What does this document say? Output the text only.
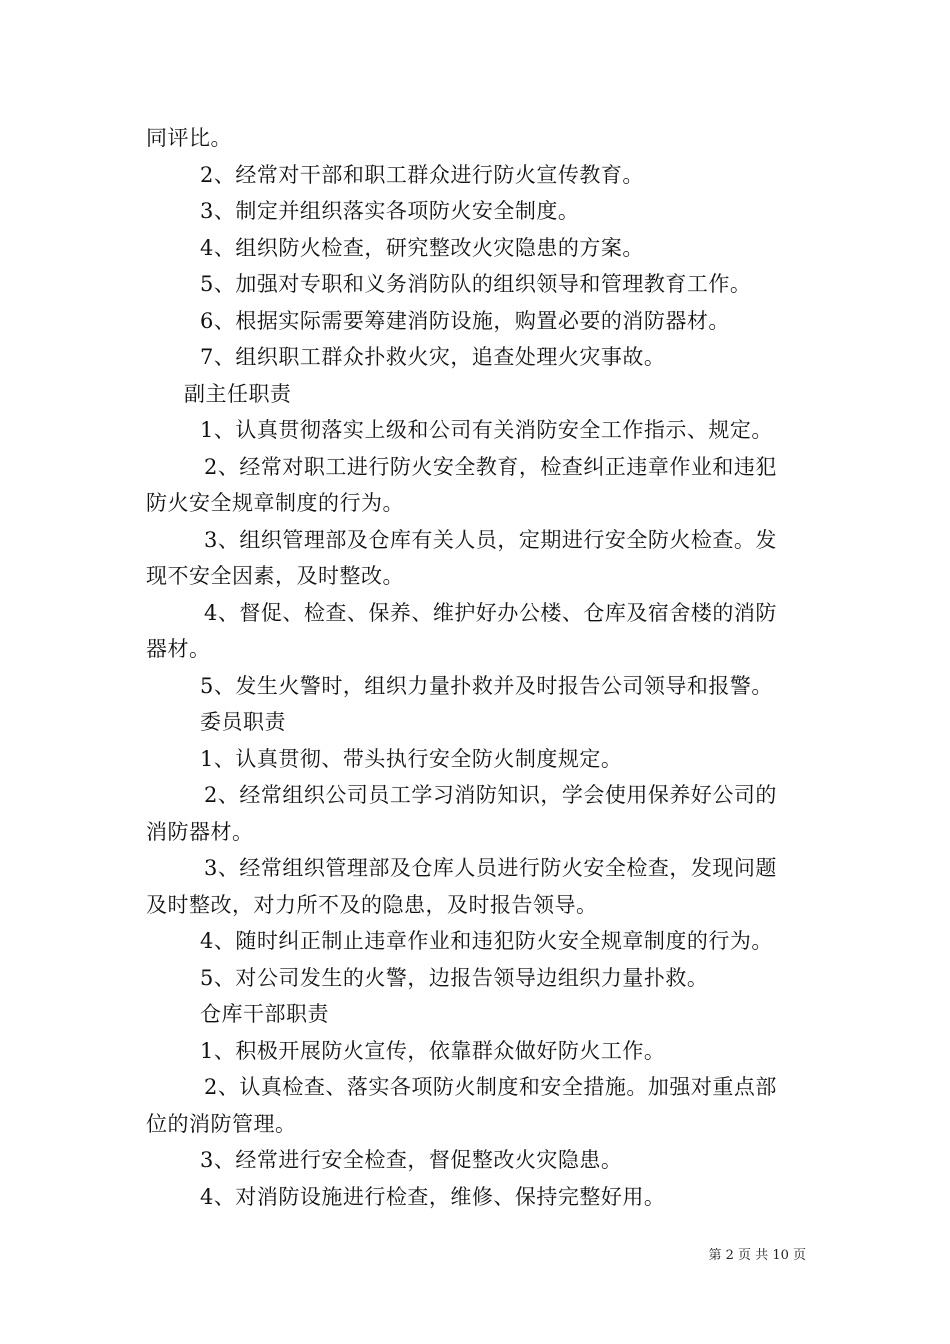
同评比。
2、经常对干部和职工群众进行防火宣传教育。
3、制定并组织落实各项防火安全制度。
4、组织防火检查，研究整改火灾隐患的方案。
5、加强对专职和义务消防队的组织领导和管理教育工作。
6、根据实际需要筹建消防设施，购置必要的消防器材。
7、组织职工群众扑救火灾，追查处理火灾事故。
副主任职责
1、认真贯彻落实上级和公司有关消防安全工作指示、规定。
2、经常对职工进行防火安全教育，检查纠正违章作业和违犯
防火安全规章制度的行为。
3、组织管理部及仓库有关人员，定期进行安全防火检查。发
现不安全因素，及时整改。
4、督促、检查、保养、维护好办公楼、仓库及宿舍楼的消防
器材。
5、发生火警时，组织力量扑救并及时报告公司领导和报警。
委员职责
1、认真贯彻、带头执行安全防火制度规定。
2、经常组织公司员工学习消防知识，学会使用保养好公司的
消防器材。
3、经常组织管理部及仓库人员进行防火安全检查，发现问题
及时整改，对力所不及的隐患，及时报告领导。
4、随时纠正制止违章作业和违犯防火安全规章制度的行为。
5、对公司发生的火警，边报告领导边组织力量扑救。
仓库干部职责
1、积极开展防火宣传，依靠群众做好防火工作。
2、认真检查、落实各项防火制度和安全措施。加强对重点部
位的消防管理。
3、经常进行安全检查，督促整改火灾隐患。
4、对消防设施进行检查，维修、保持完整好用。
第 2 页 共 10 页
